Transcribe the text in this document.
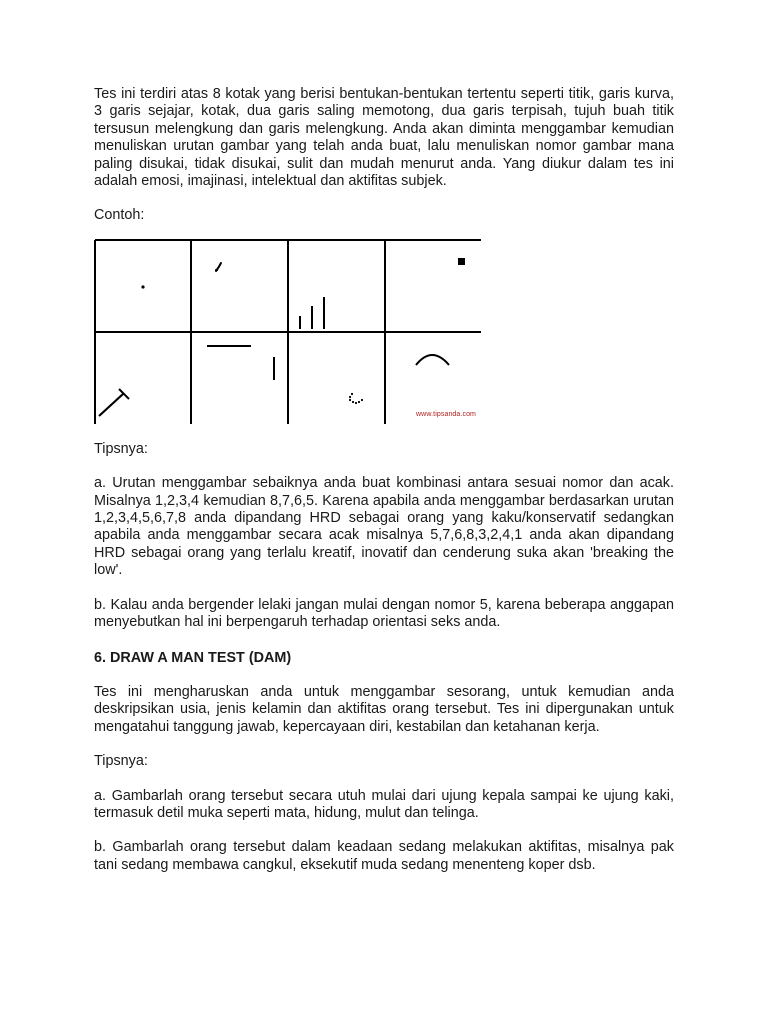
Tes ini terdiri atas 8 kotak yang berisi bentukan-bentukan tertentu seperti titik, garis kurva, 3 garis sejajar, kotak, dua garis saling memotong, dua garis terpisah, tujuh buah titik tersusun melengkung dan garis melengkung. Anda akan diminta menggambar kemudian menuliskan urutan gambar yang telah anda buat, lalu menuliskan nomor gambar mana paling disukai, tidak disukai, sulit dan mudah menurut anda. Yang diukur dalam tes ini adalah emosi, imajinasi, intelektual dan aktifitas subjek.

Contoh:

www.tipsanda.com

Tipsnya:

a. Urutan menggambar sebaiknya anda buat kombinasi antara sesuai nomor dan acak. Misalnya 1,2,3,4 kemudian 8,7,6,5. Karena apabila anda menggambar berdasarkan urutan 1,2,3,4,5,6,7,8 anda dipandang HRD sebagai orang yang kaku/konservatif sedangkan apabila anda menggambar secara acak misalnya 5,7,6,8,3,2,4,1 anda akan dipandang HRD sebagai orang yang terlalu kreatif, inovatif dan cenderung suka akan 'breaking the low'.

b. Kalau anda bergender lelaki jangan mulai dengan nomor 5, karena beberapa anggapan menyebutkan hal ini berpengaruh terhadap orientasi seks anda.

6. DRAW A MAN TEST (DAM)

Tes ini mengharuskan anda untuk menggambar sesorang, untuk kemudian anda deskripsikan usia, jenis kelamin dan aktifitas orang tersebut. Tes ini dipergunakan untuk mengatahui tanggung jawab, kepercayaan diri, kestabilan dan ketahanan kerja.

Tipsnya:

a. Gambarlah orang tersebut secara utuh mulai dari ujung kepala sampai ke ujung kaki, termasuk detil muka seperti mata, hidung, mulut dan telinga.

b. Gambarlah orang tersebut dalam keadaan sedang melakukan aktifitas, misalnya pak tani sedang membawa cangkul, eksekutif muda sedang menenteng koper dsb.
